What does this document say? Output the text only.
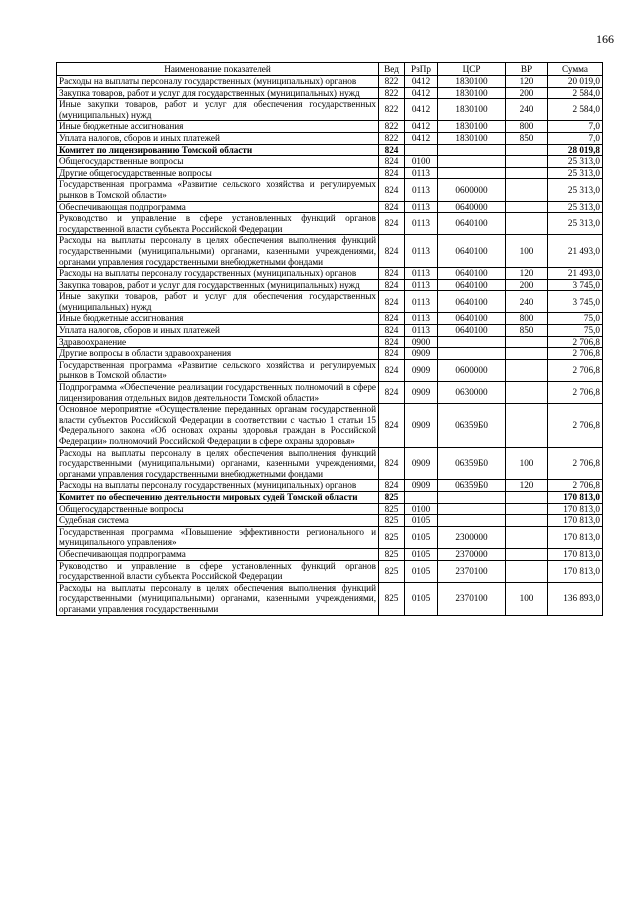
166
Наименование показателей	Вед	РзПр	ЦСР	ВР	Сумма
Расходы на выплаты персоналу государственных (муниципальных) органов	822	0412	1830100	120	20 019,0
Закупка товаров, работ и услуг для государственных (муниципальных) нужд	822	0412	1830100	200	2 584,0
Иные закупки товаров, работ и услуг для обеспечения государственных (муниципальных) нужд	822	0412	1830100	240	2 584,0
Иные бюджетные ассигнования	822	0412	1830100	800	7,0
Уплата налогов, сборов и иных платежей	822	0412	1830100	850	7,0
Комитет по лицензированию Томской области	824				28 019,8
Общегосударственные вопросы	824	0100			25 313,0
Другие общегосударственные вопросы	824	0113			25 313,0
Государственная программа «Развитие сельского хозяйства и регулируемых рынков в Томской области»	824	0113	0600000		25 313,0
Обеспечивающая подпрограмма	824	0113	0640000		25 313,0
Руководство и управление в сфере установленных функций органов государственной власти субъекта Российской Федерации	824	0113	0640100		25 313,0
Расходы на выплаты персоналу в целях обеспечения выполнения функций государственными (муниципальными) органами, казенными учреждениями, органами управления государственными внебюджетными фондами	824	0113	0640100	100	21 493,0
Расходы на выплаты персоналу государственных (муниципальных) органов	824	0113	0640100	120	21 493,0
Закупка товаров, работ и услуг для государственных (муниципальных) нужд	824	0113	0640100	200	3 745,0
Иные закупки товаров, работ и услуг для обеспечения государственных (муниципальных) нужд	824	0113	0640100	240	3 745,0
Иные бюджетные ассигнования	824	0113	0640100	800	75,0
Уплата налогов, сборов и иных платежей	824	0113	0640100	850	75,0
Здравоохранение	824	0900			2 706,8
Другие вопросы в области здравоохранения	824	0909			2 706,8
Государственная программа «Развитие сельского хозяйства и регулируемых рынков в Томской области»	824	0909	0600000		2 706,8
Подпрограмма «Обеспечение реализации государственных полномочий в сфере лицензирования отдельных видов деятельности Томской области»	824	0909	0630000		2 706,8
Основное мероприятие «Осуществление переданных органам государственной власти субъектов Российской Федерации в соответствии с частью 1 статьи 15 Федерального закона «Об основах охраны здоровья граждан в Российской Федерации» полномочий Российской Федерации в сфере охраны здоровья»	824	0909	06359Б0		2 706,8
Расходы на выплаты персоналу в целях обеспечения выполнения функций государственными (муниципальными) органами, казенными учреждениями, органами управления государственными внебюджетными фондами	824	0909	06359Б0	100	2 706,8
Расходы на выплаты персоналу государственных (муниципальных) органов	824	0909	06359Б0	120	2 706,8
Комитет по обеспечению деятельности мировых судей Томской области	825				170 813,0
Общегосударственные вопросы	825	0100			170 813,0
Судебная система	825	0105			170 813,0
Государственная программа «Повышение эффективности регионального и муниципального управления»	825	0105	2300000		170 813,0
Обеспечивающая подпрограмма	825	0105	2370000		170 813,0
Руководство и управление в сфере установленных функций органов государственной власти субъекта Российской Федерации	825	0105	2370100		170 813,0
Расходы на выплаты персоналу в целях обеспечения выполнения функций государственными (муниципальными) органами, казенными учреждениями, органами управления государственными	825	0105	2370100	100	136 893,0
